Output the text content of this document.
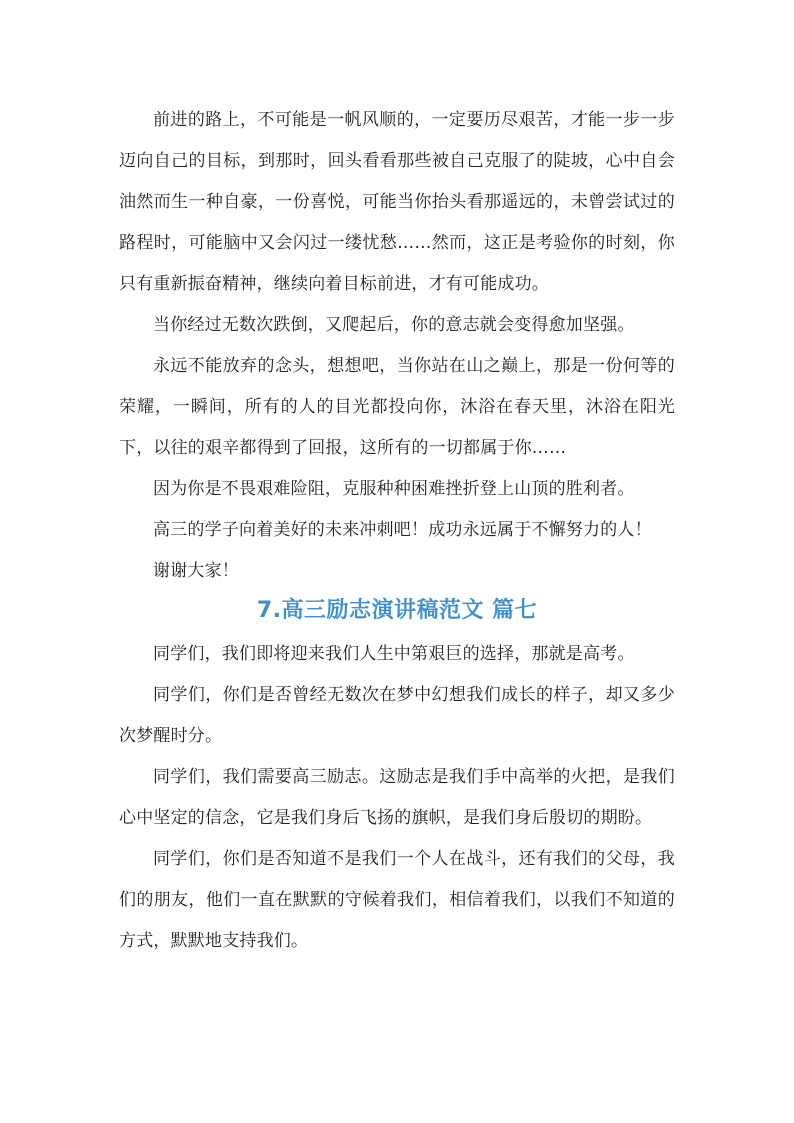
前进的路上，不可能是一帆风顺的，一定要历尽艰苦，才能一步一步迈向自己的目标，到那时，回头看看那些被自己克服了的陡坡，心中自会油然而生一种自豪，一份喜悦，可能当你抬头看那遥远的，未曾尝试过的路程时，可能脑中又会闪过一缕忧愁……然而，这正是考验你的时刻，你只有重新振奋精神，继续向着目标前进，才有可能成功。

当你经过无数次跌倒，又爬起后，你的意志就会变得愈加坚强。

永远不能放弃的念头，想想吧，当你站在山之巅上，那是一份何等的荣耀，一瞬间，所有的人的目光都投向你，沐浴在春天里，沐浴在阳光下，以往的艰辛都得到了回报，这所有的一切都属于你……

因为你是不畏艰难险阻，克服种种困难挫折登上山顶的胜利者。

高三的学子向着美好的未来冲刺吧！成功永远属于不懈努力的人！

谢谢大家！

7.高三励志演讲稿范文 篇七

同学们，我们即将迎来我们人生中第艰巨的选择，那就是高考。

同学们，你们是否曾经无数次在梦中幻想我们成长的样子，却又多少次梦醒时分。

同学们，我们需要高三励志。这励志是我们手中高举的火把，是我们心中坚定的信念，它是我们身后飞扬的旗帜，是我们身后殷切的期盼。

同学们，你们是否知道不是我们一个人在战斗，还有我们的父母，我们的朋友，他们一直在默默的守候着我们，相信着我们，以我们不知道的方式，默默地支持我们。
